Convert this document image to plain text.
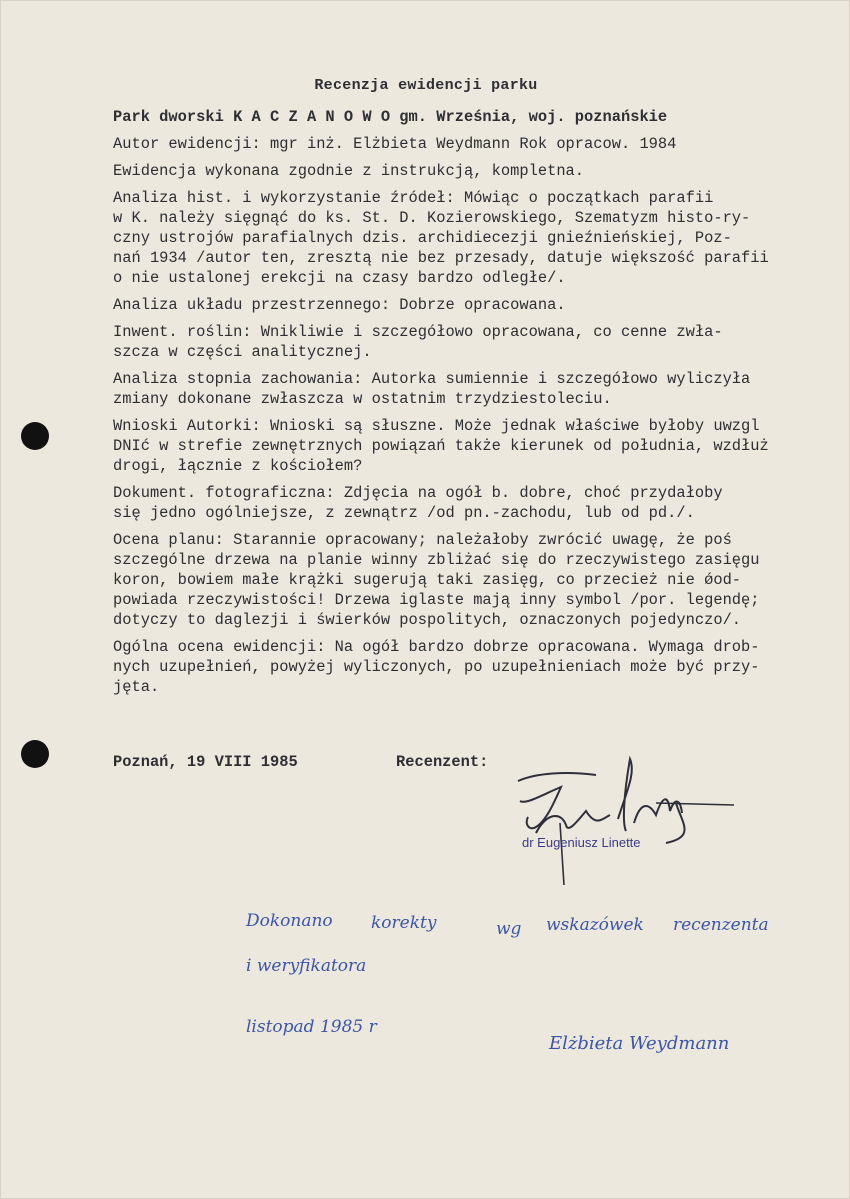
Recenzja ewidencji parku
Park dworski K A C Z A N O W O gm. Września, woj. poznańskie
Autor ewidencji: mgr inż. Elżbieta Weydmann Rok opracow. 1984
Ewidencja wykonana zgodnie z instrukcją, kompletna.
Analiza hist. i wykorzystanie źródeł: Mówiąc o początkach parafii
w K. należy sięgnąć do ks. St. D. Kozierowskiego, Szematyzm histo-ry-
czny ustrojów parafialnych dzis. archidiecezji gnieźnieńskiej, Poz-
nań 1934 /autor ten, zresztą nie bez przesady, datuje większość parafii
o nie ustalonej erekcji na czasy bardzo odległe/.
Analiza układu przestrzennego: Dobrze opracowana.
Inwent. roślin: Wnikliwie i szczegółowo opracowana, co cenne zwła-
szcza w części analitycznej.
Analiza stopnia zachowania: Autorka sumiennie i szczegółowo wyliczyła
zmiany dokonane zwłaszcza w ostatnim trzydziestoleciu.
Wnioski Autorki: Wnioski są słuszne. Może jednak właściwe byłoby uwzgl
DNIć w strefie zewnętrznych powiązań także kierunek od południa, wzdłuż
drogi, łącznie z kościołem?
Dokument. fotograficzna: Zdjęcia na ogół b. dobre, choć przydałoby
się jedno ogólniejsze, z zewnątrz /od pn.-zachodu, lub od pd./.
Ocena planu: Starannie opracowany; należałoby zwrócić uwagę, że poś
szczególne drzewa na planie winny zbliżać się do rzeczywistego zasięgu
koron, bowiem małe krążki sugerują taki zasięg, co przecież nie ǿod-
powiada rzeczywistości! Drzewa iglaste mają inny symbol /por. legendę;
dotyczy to daglezji i świerków pospolitych, oznaczonych pojedynczo/.
Ogólna ocena ewidencji: Na ogół bardzo dobrze opracowana. Wymaga drob-
nych uzupełnień, powyżej wyliczonych, po uzupełnieniach może być przy-
jęta.
Poznań, 19 VIII 1985	Recenzent:
dr Eugeniusz Linette
Dokonano korekty	wg wskazówek recenzenta
i weryfikatora
listopad 1985 r
Elżbieta Weydmann
